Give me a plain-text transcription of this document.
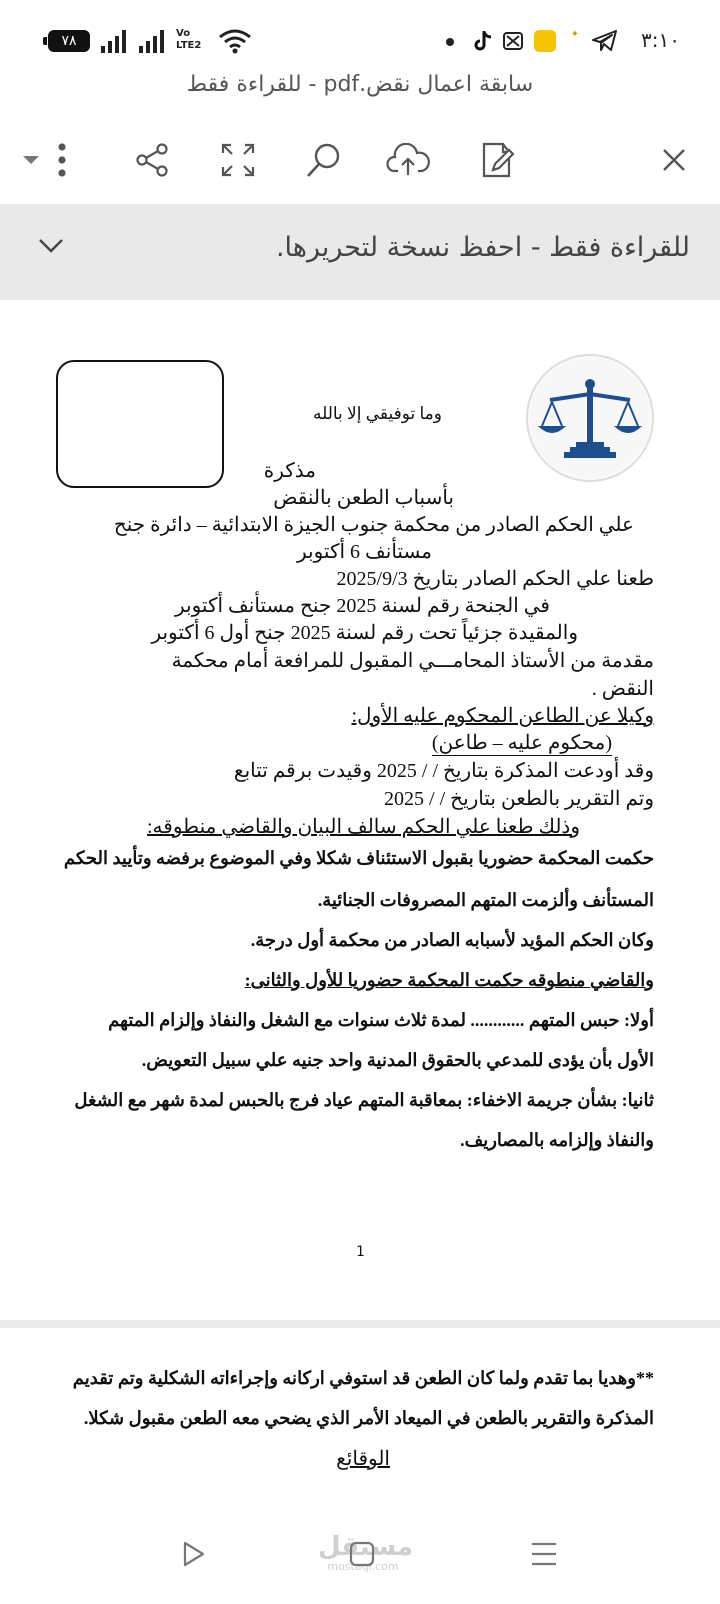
٣:١٠
✦
٧٨	Vo LTE2
سابقة اعمال نقض.pdf - للقراءة فقط
للقراءة فقط - احفظ نسخة لتحريرها.
وما توفيقي إلا بالله
مذكرة
بأسباب الطعن بالنقض
علي الحكم الصادر من محكمة جنوب الجيزة الابتدائية – دائرة جنح
مستأنف 6 أكتوبر
طعنا علي الحكم الصادر بتاريخ 2025/9/3
في الجنحة رقم لسنة 2025 جنح مستأنف أكتوبر
والمقيدة جزئياً تحت رقم لسنة 2025 جنح أول 6 أكتوبر
مقدمة من الأستاذ المحامـــي المقبول للمرافعة أمام محكمة
النقض .
وكيلا عن الطاعن المحكوم عليه الأول:
(محكوم عليه – طاعن)
وقد أودعت المذكرة بتاريخ / / 2025 وقيدت برقم تتابع
وتم التقرير بالطعن بتاريخ / / 2025
وذلك طعنا علي الحكم سالف البيان والقاضي منطوقه:
حكمت المحكمة حضوريا بقبول الاستئناف شكلا وفي الموضوع برفضه وتأييد الحكم
المستأنف وألزمت المتهم المصروفات الجنائية.
وكان الحكم المؤيد لأسبابه الصادر من محكمة أول درجة.
والقاضي منطوقه حكمت المحكمة حضوريا للأول والثانى:
أولا: حبس المتهم ............ لمدة ثلاث سنوات مع الشغل والنفاذ وإلزام المتهم
الأول بأن يؤدى للمدعي بالحقوق المدنية واحد جنيه علي سبيل التعويض.
ثانيا: بشأن جريمة الاخفاء: بمعاقبة المتهم عياد فرج بالحبس لمدة شهر مع الشغل
والنفاذ وإلزامه بالمصاريف.
1
**وهديا بما تقدم ولما كان الطعن قد استوفي اركانه وإجراءاته الشكلية وتم تقديم
المذكرة والتقرير بالطعن في الميعاد الأمر الذي يضحي معه الطعن مقبول شكلا.
الوقائع
مستقل
mostaql.com
